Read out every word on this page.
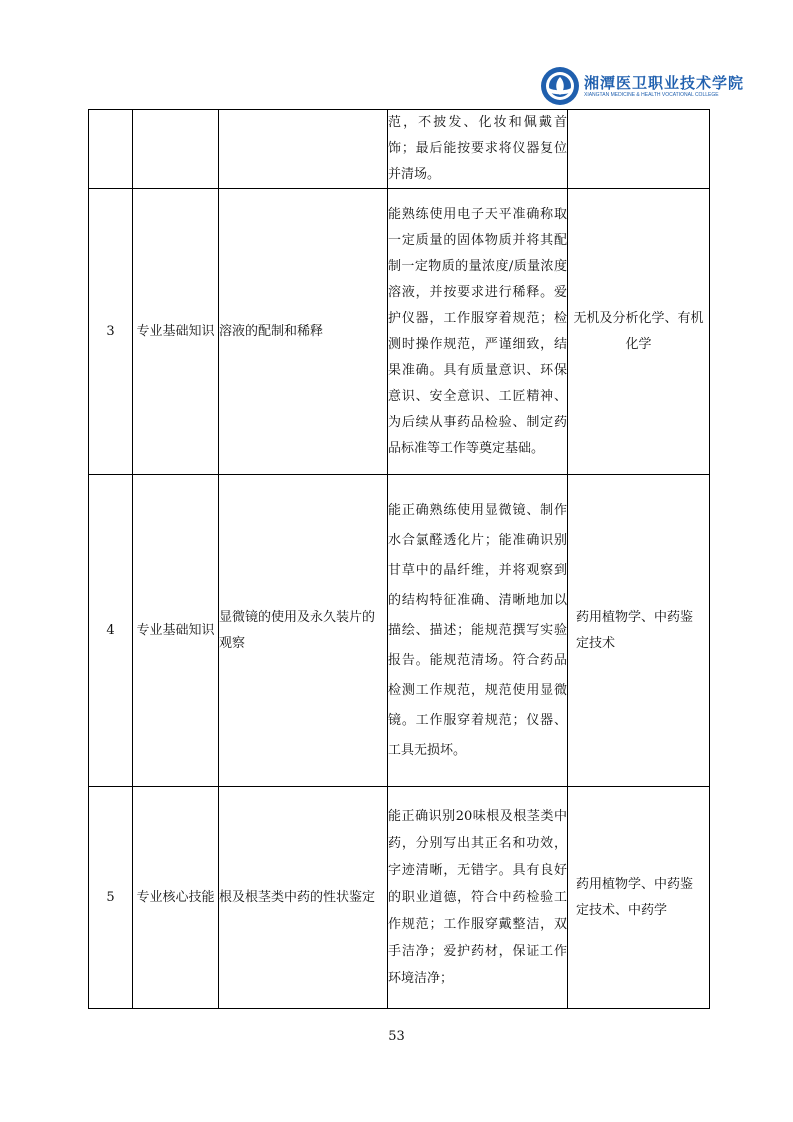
湘潭医卫职业技术学院
XIANGTAN MEDICINE & HEALTH VOCATIONAL COLLEGE

			范，不披发、化妆和佩戴首饰；最后能按要求将仪器复位并清场。	

3	专业基础知识	溶液的配制和稀释	能熟练使用电子天平准确称取一定质量的固体物质并将其配制一定物质的量浓度/质量浓度溶液，并按要求进行稀释。爱护仪器，工作服穿着规范；检测时操作规范，严谨细致，结果准确。具有质量意识、环保意识、安全意识、工匠精神、为后续从事药品检验、制定药品标准等工作等奠定基础。	无机及分析化学、有机化学
4	专业基础知识	显微镜的使用及永久装片的观察	能正确熟练使用显微镜、制作水合氯醛透化片；能准确识别甘草中的晶纤维，并将观察到的结构特征准确、清晰地加以描绘、描述；能规范撰写实验报告。能规范清场。符合药品检测工作规范，规范使用显微镜。工作服穿着规范；仪器、工具无损坏。	药用植物学、中药鉴定技术
5	专业核心技能	根及根茎类中药的性状鉴定	能正确识别20味根及根茎类中药，分别写出其正名和功效，字迹清晰，无错字。具有良好的职业道德，符合中药检验工作规范；工作服穿戴整洁，双手洁净；爱护药材，保证工作环境洁净；	药用植物学、中药鉴定技术、中药学
53
